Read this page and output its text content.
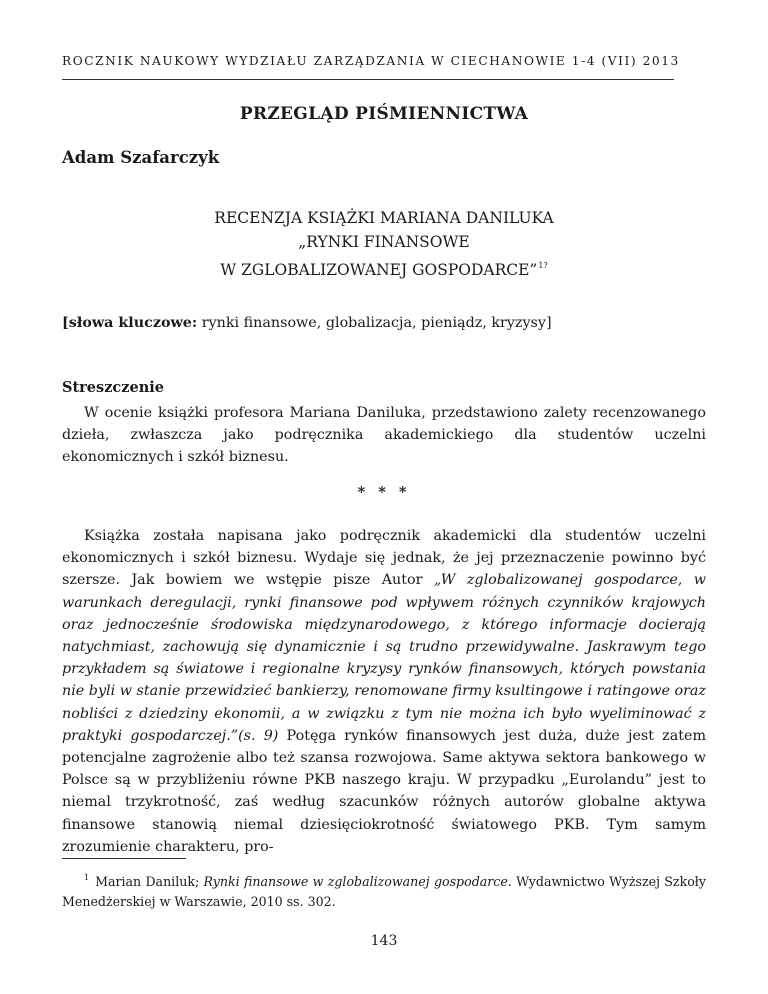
ROCZNIK NAUKOWY WYDZIAŁU ZARZĄDZANIA W CIECHANOWIE 1-4 (VII) 2013
PRZEGLĄD PIŚMIENNICTWA
Adam Szafarczyk
RECENZJA KSIĄŻKI MARIANA DANILUKA
„RYNKI FINANSOWE
W ZGLOBALIZOWANEJ GOSPODARCE”$^{1?}$
[słowa kluczowe: rynki finansowe, globalizacja, pieniądz, kryzysy]
Streszczenie
W ocenie książki profesora Mariana Daniluka, przedstawiono zalety recenzowanego dzieła, zwłaszcza jako podręcznika akademickiego dla studentów uczelni ekonomicznych i szkół biznesu.
* * *
Książka została napisana jako podręcznik akademicki dla studentów uczelni ekonomicznych i szkół biznesu. Wydaje się jednak, że jej przeznaczenie powinno być szersze. Jak bowiem we wstępie pisze Autor „W zglobalizowanej gospodarce, w warunkach deregulacji, rynki finansowe pod wpływem różnych czynników krajowych oraz jednocześnie środowiska międzynarodowego, z którego informacje docierają natychmiast, zachowują się dynamicznie i są trudno przewidywalne. Jaskrawym tego przykładem są światowe i regionalne kryzysy rynków finansowych, których powstania nie byli w stanie przewidzieć bankierzy, renomowane firmy ksultingowe i ratingowe oraz nobliści z dziedziny ekonomii, a w związku z tym nie można ich było wyeliminować z praktyki gospodarczej.”(s. 9) Potęga rynków finansowych jest duża, duże jest zatem potencjalne zagrożenie albo też szansa rozwojowa. Same aktywa sektora bankowego w Polsce są w przybliżeniu równe PKB naszego kraju. W przypadku „Eurolandu” jest to niemal trzykrotność, zaś według szacunków różnych autorów globalne aktywa finansowe stanowią niemal dziesięciokrotność światowego PKB. Tym samym zrozumienie charakteru, pro-
$^1$ Marian Daniluk; Rynki finansowe w zglobalizowanej gospodarce. Wydawnictwo Wyższej Szkoły Menedżerskiej w Warszawie, 2010 ss. 302.
143
